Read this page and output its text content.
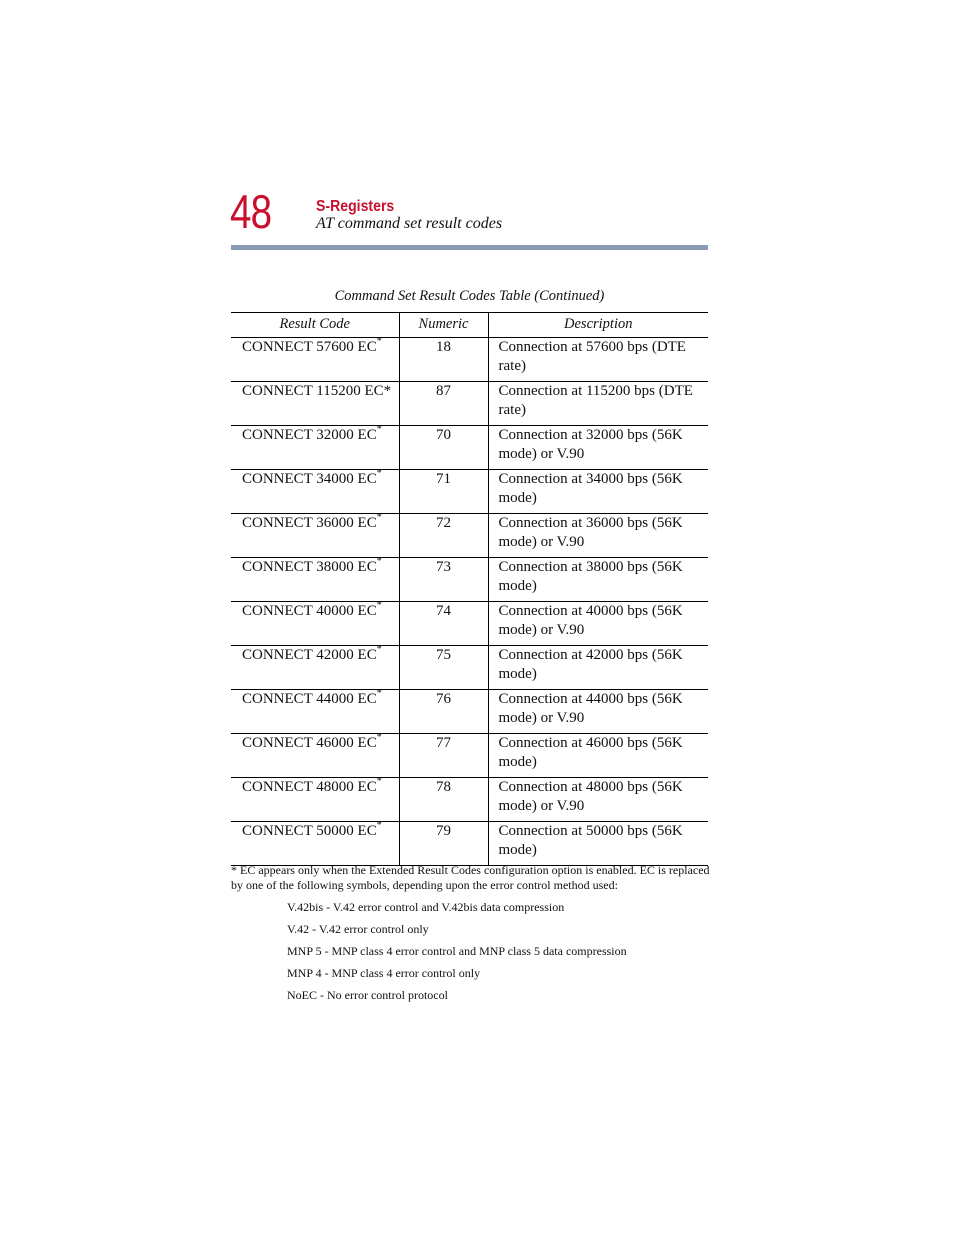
48	S-Registers
AT command set result codes
Command Set Result Codes Table (Continued)
Result Code	Numeric	Description
CONNECT 57600 EC*	18	Connection at 57600 bps (DTE rate)
CONNECT 115200 EC*	87	Connection at 115200 bps (DTE rate)
CONNECT 32000 EC*	70	Connection at 32000 bps (56K mode) or V.90
CONNECT 34000 EC*	71	Connection at 34000 bps (56K mode)
CONNECT 36000 EC*	72	Connection at 36000 bps (56K mode) or V.90
CONNECT 38000 EC*	73	Connection at 38000 bps (56K mode)
CONNECT 40000 EC*	74	Connection at 40000 bps (56K mode) or V.90
CONNECT 42000 EC*	75	Connection at 42000 bps (56K mode)
CONNECT 44000 EC*	76	Connection at 44000 bps (56K mode) or V.90
CONNECT 46000 EC*	77	Connection at 46000 bps (56K mode)
CONNECT 48000 EC*	78	Connection at 48000 bps (56K mode) or V.90
CONNECT 50000 EC*	79	Connection at 50000 bps (56K mode)
* EC appears only when the Extended Result Codes configuration option is enabled. EC is replaced by one of the following symbols, depending upon the error control method used:
V.42bis - V.42 error control and V.42bis data compression
V.42 - V.42 error control only
MNP 5 - MNP class 4 error control and MNP class 5 data compression
MNP 4 - MNP class 4 error control only
NoEC - No error control protocol
